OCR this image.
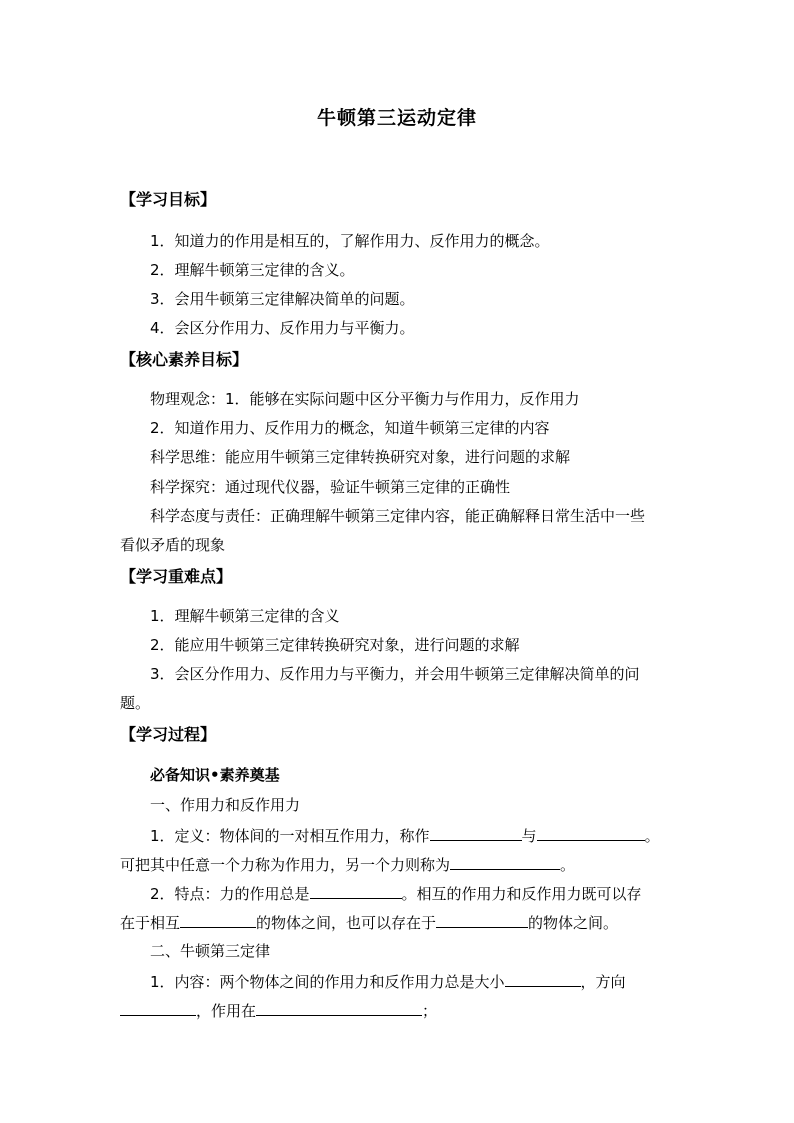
牛顿第三运动定律
【学习目标】
1．知道力的作用是相互的，了解作用力、反作用力的概念。
2．理解牛顿第三定律的含义。
3．会用牛顿第三定律解决简单的问题。
4．会区分作用力、反作用力与平衡力。
【核心素养目标】
物理观念：1．能够在实际问题中区分平衡力与作用力，反作用力
2．知道作用力、反作用力的概念，知道牛顿第三定律的内容
科学思维：能应用牛顿第三定律转换研究对象，进行问题的求解
科学探究：通过现代仪器，验证牛顿第三定律的正确性
科学态度与责任：正确理解牛顿第三定律内容，能正确解释日常生活中一些
看似矛盾的现象
【学习重难点】
1．理解牛顿第三定律的含义
2．能应用牛顿第三定律转换研究对象，进行问题的求解
3．会区分作用力、反作用力与平衡力，并会用牛顿第三定律解决简单的问
题。
【学习过程】
必备知识•素养奠基
一、作用力和反作用力
1．定义：物体间的一对相互作用力，称作	与	。
可把其中任意一个力称为作用力，另一个力则称为	。
2．特点：力的作用总是	。相互的作用力和反作用力既可以存
在于相互	的物体之间，也可以存在于	的物体之间。
二、牛顿第三定律
1．内容：两个物体之间的作用力和反作用力总是大小	，方向
，作用在	；
